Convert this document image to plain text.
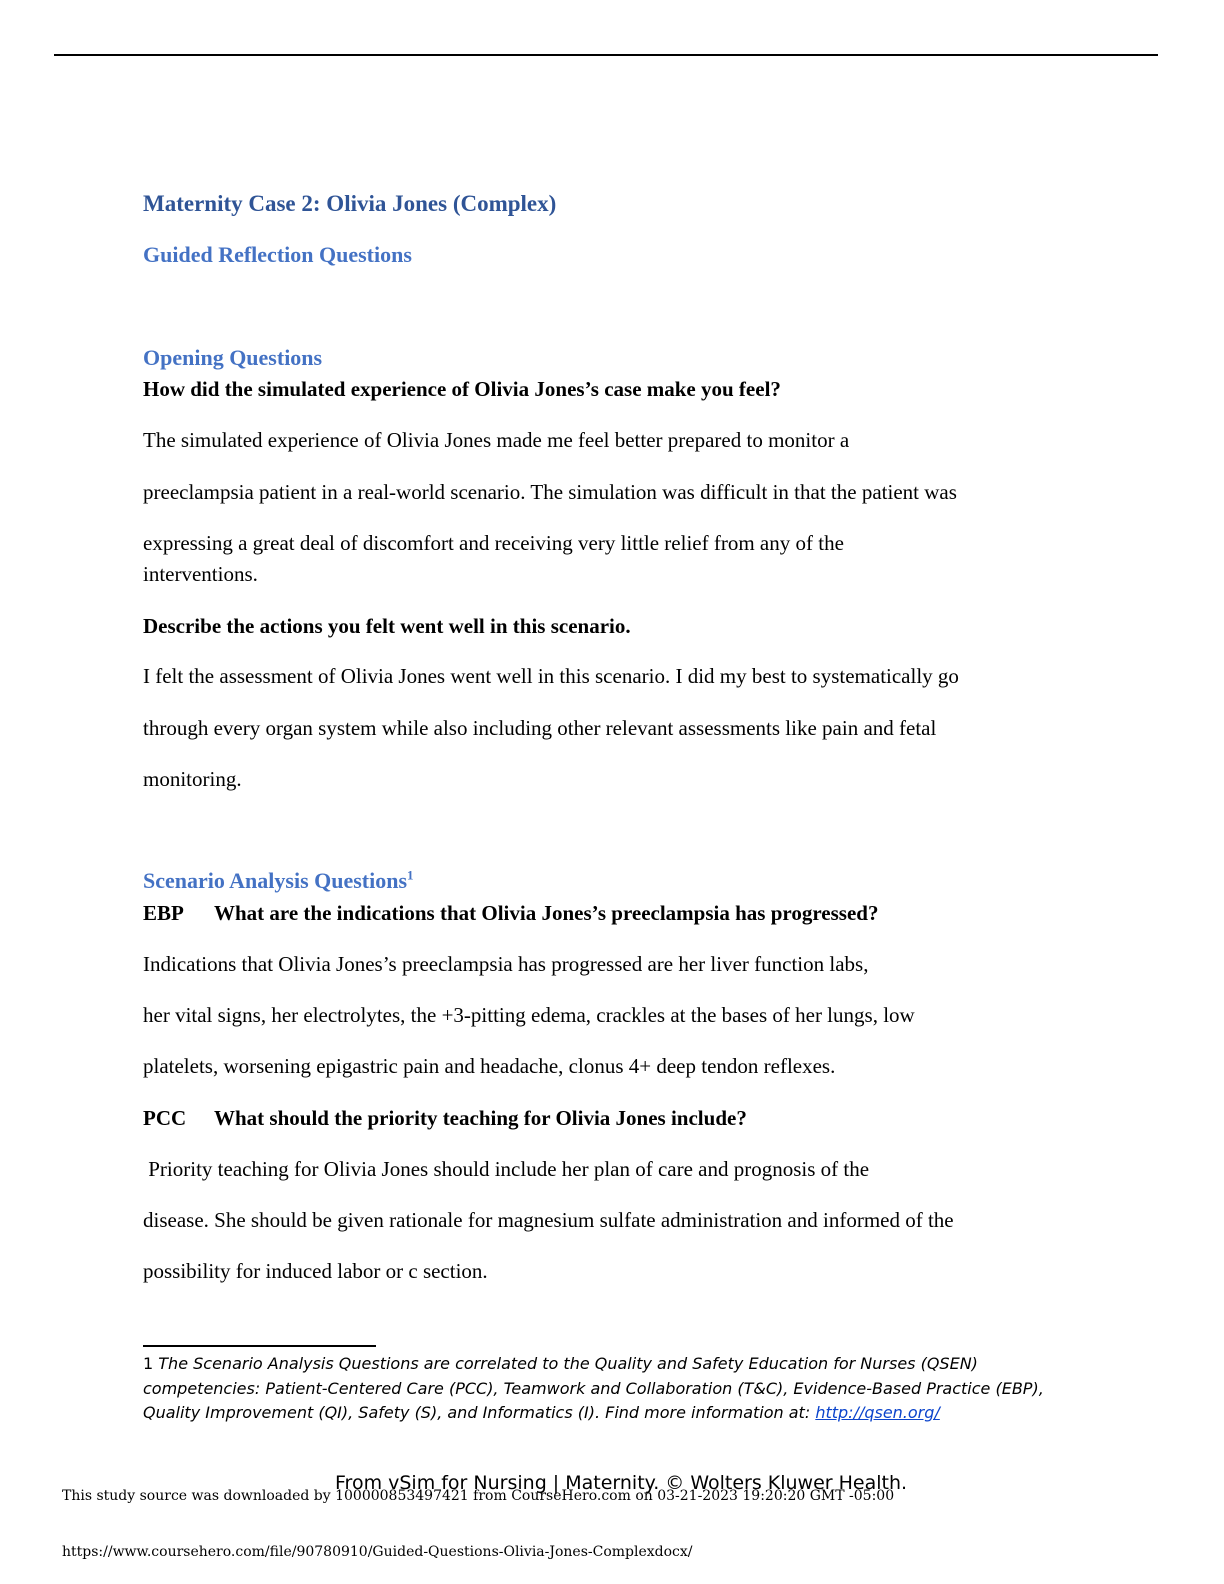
Maternity Case 2: Olivia Jones (Complex)
Guided Reflection Questions
Opening Questions
How did the simulated experience of Olivia Jones’s case make you feel?
The simulated experience of Olivia Jones made me feel better prepared to monitor a
preeclampsia patient in a real-world scenario. The simulation was difficult in that the patient was
expressing a great deal of discomfort and receiving very little relief from any of the
interventions.
Describe the actions you felt went well in this scenario.
I felt the assessment of Olivia Jones went well in this scenario. I did my best to systematically go
through every organ system while also including other relevant assessments like pain and fetal
monitoring.
Scenario Analysis Questions$^1$
EBP What are the indications that Olivia Jones’s preeclampsia has progressed?
Indications that Olivia Jones’s preeclampsia has progressed are her liver function labs,
her vital signs, her electrolytes, the +3-pitting edema, crackles at the bases of her lungs, low
platelets, worsening epigastric pain and headache, clonus 4+ deep tendon reflexes.
PCC What should the priority teaching for Olivia Jones include?
Priority teaching for Olivia Jones should include her plan of care and prognosis of the
disease. She should be given rationale for magnesium sulfate administration and informed of the
possibility for induced labor or c section.
1 The Scenario Analysis Questions are correlated to the Quality and Safety Education for Nurses (QSEN)
competencies: Patient-Centered Care (PCC), Teamwork and Collaboration (T&C), Evidence-Based Practice (EBP),
Quality Improvement (QI), Safety (S), and Informatics (I). Find more information at: http://qsen.org/
From vSim for Nursing | Maternity. © Wolters Kluwer Health.
This study source was downloaded by 100000853497421 from CourseHero.com on 03-21-2023 19:20:20 GMT -05:00
https://www.coursehero.com/file/90780910/Guided-Questions-Olivia-Jones-Complexdocx/
